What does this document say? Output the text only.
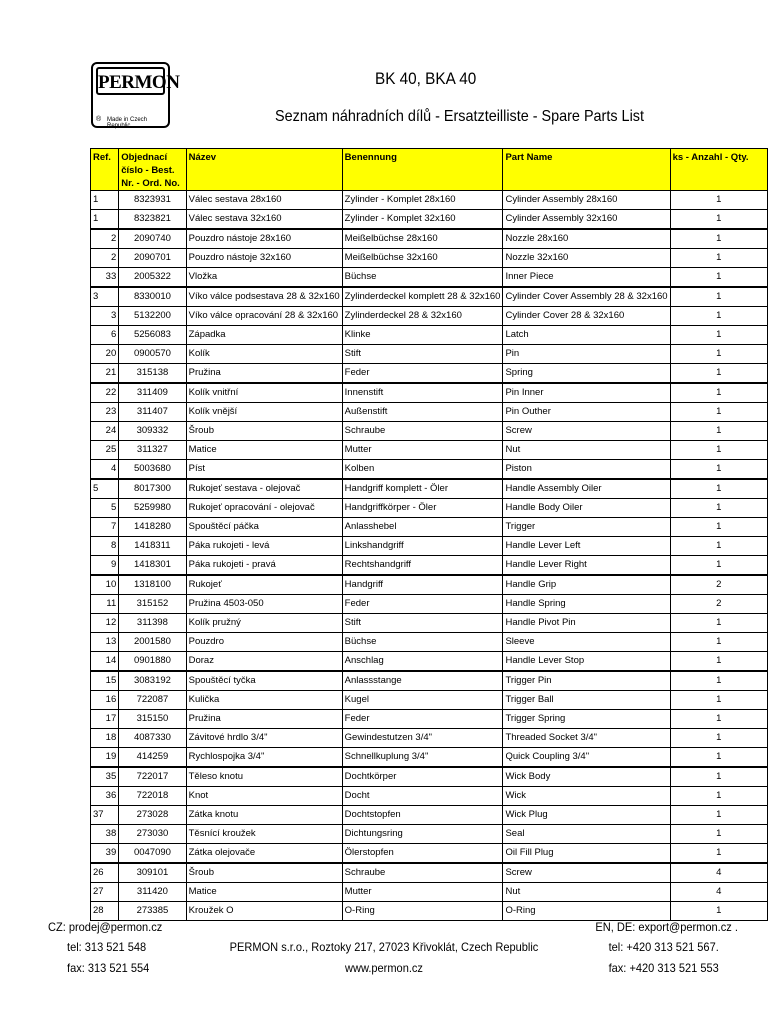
PERMON
® Made in Czech Republic
BK 40, BKA 40
Seznam náhradních dílů - Ersatzteilliste - Spare Parts List
Ref.	Objednací číslo - Best. Nr. - Ord. No.	Název	Benennung	Part Name	ks - Anzahl - Qty.
1	8323931	Válec sestava 28x160	Zylinder - Komplet 28x160	Cylinder Assembly 28x160	1
1	8323821	Válec sestava 32x160	Zylinder - Komplet 32x160	Cylinder Assembly 32x160	1
2	2090740	Pouzdro nástoje 28x160	Meißelbüchse 28x160	Nozzle 28x160	1
2	2090701	Pouzdro nástoje 32x160	Meißelbüchse 32x160	Nozzle 32x160	1
33	2005322	Vložka	Büchse	Inner Piece	1
3	8330010	Víko válce podsestava 28 & 32x160	Zylinderdeckel komplett 28 & 32x160	Cylinder Cover Assembly 28 & 32x160	1
3	5132200	Víko válce opracování 28 & 32x160	Zylinderdeckel 28 & 32x160	Cylinder Cover 28 & 32x160	1
6	5256083	Západka	Klinke	Latch	1
20	0900570	Kolík	Stift	Pin	1
21	315138	Pružina	Feder	Spring	1
22	311409	Kolík vnitřní	Innenstift	Pin Inner	1
23	311407	Kolík vnější	Außenstift	Pin Outher	1
24	309332	Šroub	Schraube	Screw	1
25	311327	Matice	Mutter	Nut	1
4	5003680	Píst	Kolben	Piston	1
5	8017300	Rukojeť sestava - olejovač	Handgriff komplett - Öler	Handle Assembly Oiler	1
5	5259980	Rukojeť opracování - olejovač	Handgriffkörper - Öler	Handle Body Oiler	1
7	1418280	Spouštěcí páčka	Anlasshebel	Trigger	1
8	1418311	Páka rukojeti - levá	Linkshandgriff	Handle Lever Left	1
9	1418301	Páka rukojeti - pravá	Rechtshandgriff	Handle Lever Right	1
10	1318100	Rukojeť	Handgriff	Handle Grip	2
11	315152	Pružina 4503-050	Feder	Handle Spring	2
12	311398	Kolík pružný	Stift	Handle Pivot Pin	1
13	2001580	Pouzdro	Büchse	Sleeve	1
14	0901880	Doraz	Anschlag	Handle Lever Stop	1
15	3083192	Spouštěcí tyčka	Anlassstange	Trigger Pin	1
16	722087	Kulička	Kugel	Trigger Ball	1
17	315150	Pružina	Feder	Trigger Spring	1
18	4087330	Závitové hrdlo 3/4"	Gewindestutzen 3/4"	Threaded Socket 3/4"	1
19	414259	Rychlospojka 3/4"	Schnellkuplung 3/4"	Quick Coupling 3/4"	1
35	722017	Těleso knotu	Dochtkörper	Wick Body	1
36	722018	Knot	Docht	Wick	1
37	273028	Zátka knotu	Dochtstopfen	Wick Plug	1
38	273030	Těsnící kroužek	Dichtungsring	Seal	1
39	0047090	Zátka olejovače	Ölerstopfen	Oil Fill Plug	1
26	309101	Šroub	Schraube	Screw	4
27	311420	Matice	Mutter	Nut	4
28	273385	Kroužek O	O-Ring	O-Ring	1
CZ: prodej@permon.cz
tel: 313 521 548
fax: 313 521 554
PERMON s.r.o., Roztoky 217, 27023 Křivoklát, Czech Republic
www.permon.cz
EN, DE: export@permon.cz .
tel: +420 313 521 567.
fax: +420 313 521 553
